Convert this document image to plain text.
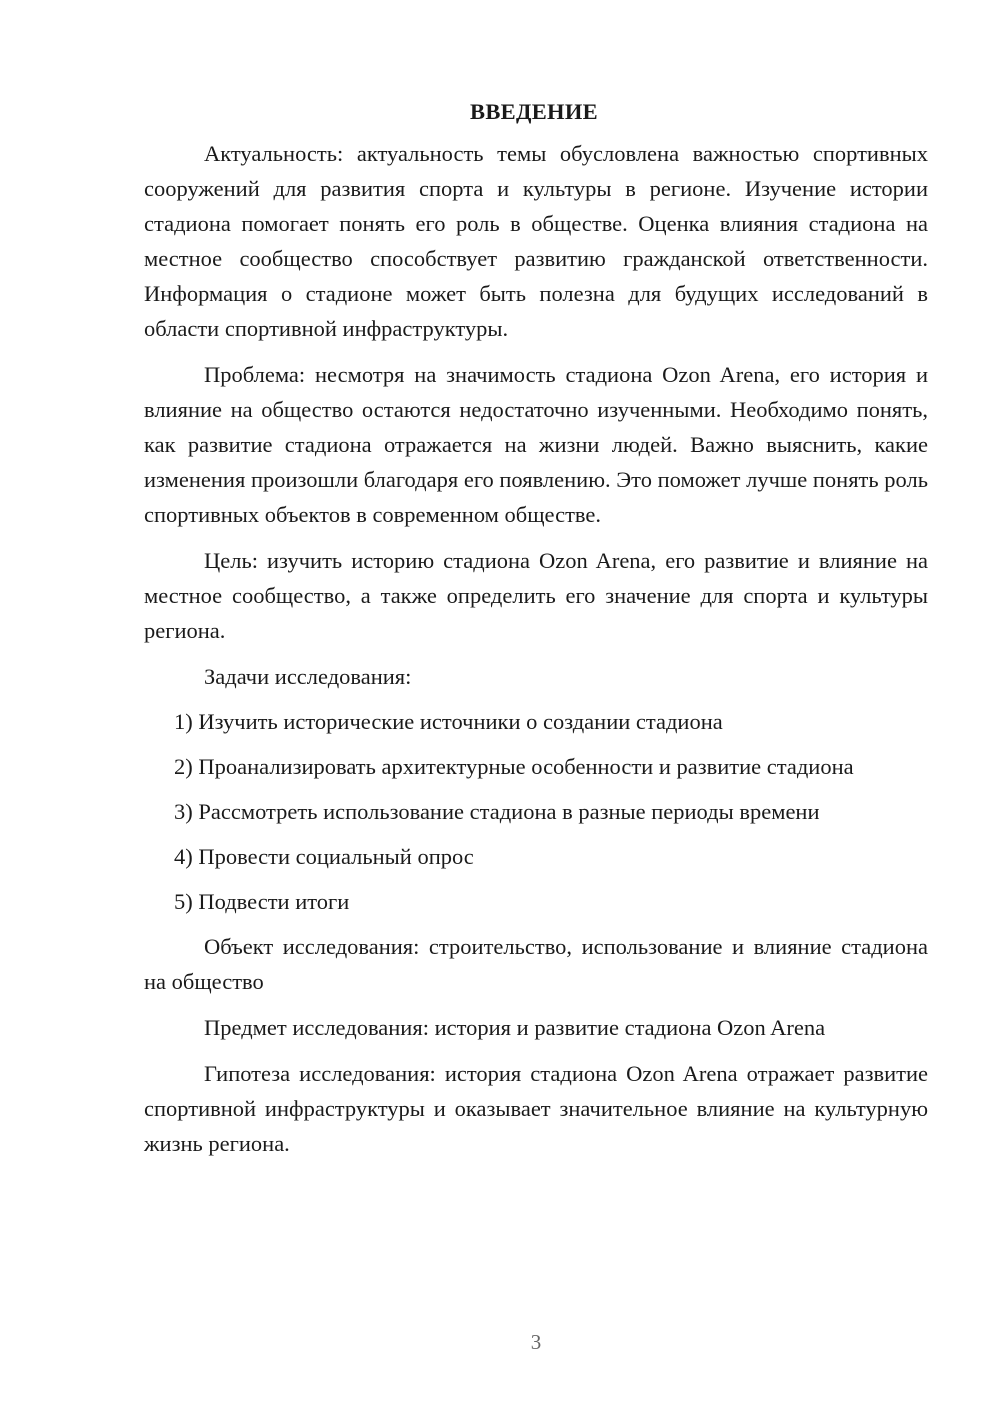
ВВЕДЕНИЕ

Актуальность: актуальность темы обусловлена важностью спортивных сооружений для развития спорта и культуры в регионе. Изучение истории стадиона помогает понять его роль в обществе. Оценка влияния стадиона на местное сообщество способствует развитию гражданской ответственности. Информация о стадионе может быть полезна для будущих исследований в области спортивной инфраструктуры.

Проблема: несмотря на значимость стадиона Ozon Arena, его история и влияние на общество остаются недостаточно изученными. Необходимо понять, как развитие стадиона отражается на жизни людей. Важно выяснить, какие изменения произошли благодаря его появлению. Это поможет лучше понять роль спортивных объектов в современном обществе.

Цель: изучить историю стадиона Ozon Arena, его развитие и влияние на местное сообщество, а также определить его значение для спорта и культуры региона.

Задачи исследования:

1) Изучить исторические источники о создании стадиона

2) Проанализировать архитектурные особенности и развитие стадиона

3) Рассмотреть использование стадиона в разные периоды времени

4) Провести социальный опрос

5) Подвести итоги

Объект исследования: строительство, использование и влияние стадиона на общество

Предмет исследования: история и развитие стадиона Ozon Arena

Гипотеза исследования: история стадиона Ozon Arena отражает развитие спортивной инфраструктуры и оказывает значительное влияние на культурную жизнь региона.

3
